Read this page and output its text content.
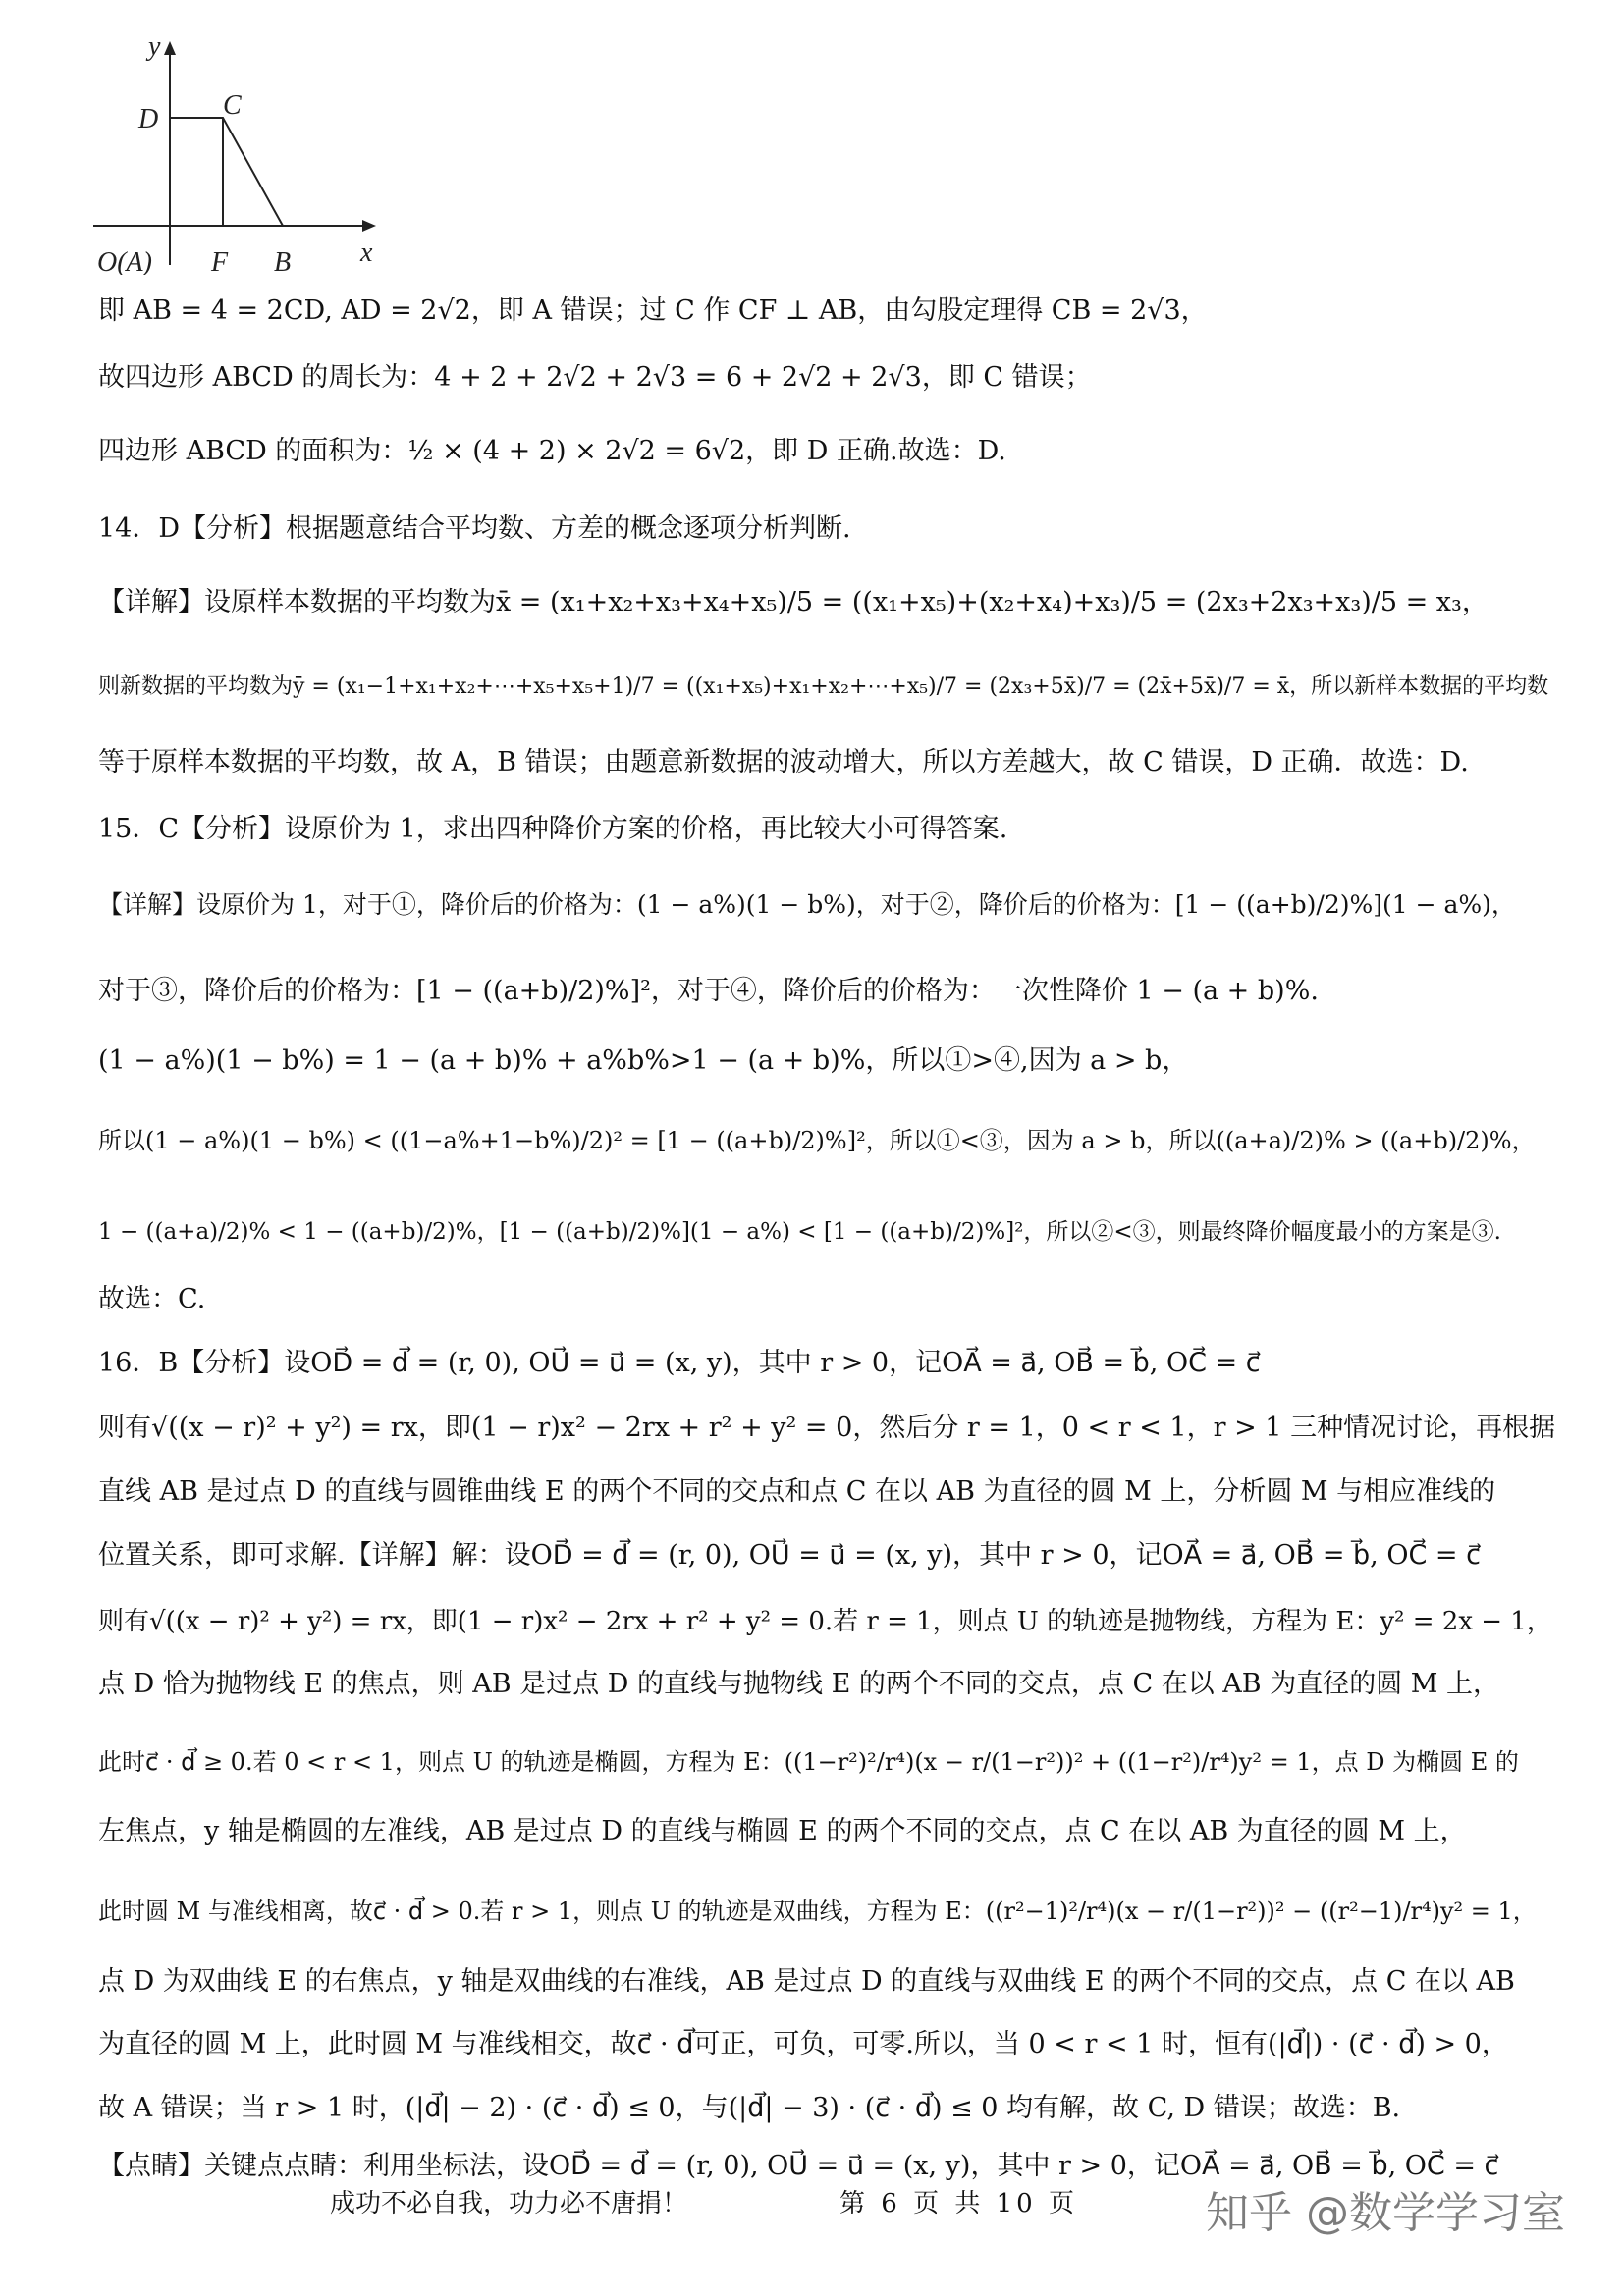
y
x
D C
O(A) F B
即 AB = 4 = 2CD, AD = 2√2，即 A 错误；过 C 作 CF ⊥ AB，由勾股定理得 CB = 2√3，
故四边形 ABCD 的周长为：4 + 2 + 2√2 + 2√3 = 6 + 2√2 + 2√3，即 C 错误；
四边形 ABCD 的面积为：½ × (4 + 2) × 2√2 = 6√2，即 D 正确.故选：D.
14．D【分析】根据题意结合平均数、方差的概念逐项分析判断.
【详解】设原样本数据的平均数为x̄ = (x₁+x₂+x₃+x₄+x₅)/5 = ((x₁+x₅)+(x₂+x₄)+x₃)/5 = (2x₃+2x₃+x₃)/5 = x₃，
则新数据的平均数为ȳ = (x₁−1+x₁+x₂+⋯+x₅+x₅+1)/7 = ((x₁+x₅)+x₁+x₂+⋯+x₅)/7 = (2x₃+5x̄)/7 = (2x̄+5x̄)/7 = x̄，所以新样本数据的平均数
等于原样本数据的平均数，故 A，B 错误；由题意新数据的波动增大，所以方差越大，故 C 错误，D 正确．故选：D.
15．C【分析】设原价为 1，求出四种降价方案的价格，再比较大小可得答案.
【详解】设原价为 1，对于①，降价后的价格为：(1 − a%)(1 − b%)，对于②，降价后的价格为：[1 − ((a+b)/2)%](1 − a%)，
对于③，降价后的价格为：[1 − ((a+b)/2)%]²，对于④，降价后的价格为：一次性降价 1 − (a + b)%.
(1 − a%)(1 − b%) = 1 − (a + b)% + a%b%>1 − (a + b)%，所以①>④,因为 a > b，
所以(1 − a%)(1 − b%) < ((1−a%+1−b%)/2)² = [1 − ((a+b)/2)%]²，所以①<③，因为 a > b，所以((a+a)/2)% > ((a+b)/2)%，
1 − ((a+a)/2)% < 1 − ((a+b)/2)%，[1 − ((a+b)/2)%](1 − a%) < [1 − ((a+b)/2)%]²，所以②<③，则最终降价幅度最小的方案是③.
故选：C.
16．B【分析】设OD⃗ = d⃗ = (r, 0), OU⃗ = u⃗ = (x, y)，其中 r > 0，记OA⃗ = a⃗, OB⃗ = b⃗, OC⃗ = c⃗
则有√((x − r)² + y²) = rx，即(1 − r)x² − 2rx + r² + y² = 0，然后分 r = 1，0 < r < 1，r > 1 三种情况讨论，再根据
直线 AB 是过点 D 的直线与圆锥曲线 E 的两个不同的交点和点 C 在以 AB 为直径的圆 M 上，分析圆 M 与相应准线的
位置关系，即可求解.【详解】解：设OD⃗ = d⃗ = (r, 0), OU⃗ = u⃗ = (x, y)，其中 r > 0，记OA⃗ = a⃗, OB⃗ = b⃗, OC⃗ = c⃗
则有√((x − r)² + y²) = rx，即(1 − r)x² − 2rx + r² + y² = 0.若 r = 1，则点 U 的轨迹是抛物线，方程为 E：y² = 2x − 1，
点 D 恰为抛物线 E 的焦点，则 AB 是过点 D 的直线与抛物线 E 的两个不同的交点，点 C 在以 AB 为直径的圆 M 上，
此时c⃗ · d⃗ ≥ 0.若 0 < r < 1，则点 U 的轨迹是椭圆，方程为 E：((1−r²)²/r⁴)(x − r/(1−r²))² + ((1−r²)/r⁴)y² = 1，点 D 为椭圆 E 的
左焦点，y 轴是椭圆的左准线，AB 是过点 D 的直线与椭圆 E 的两个不同的交点，点 C 在以 AB 为直径的圆 M 上，
此时圆 M 与准线相离，故c⃗ · d⃗ > 0.若 r > 1，则点 U 的轨迹是双曲线，方程为 E：((r²−1)²/r⁴)(x − r/(1−r²))² − ((r²−1)/r⁴)y² = 1，
点 D 为双曲线 E 的右焦点，y 轴是双曲线的右准线，AB 是过点 D 的直线与双曲线 E 的两个不同的交点，点 C 在以 AB
为直径的圆 M 上，此时圆 M 与准线相交，故c⃗ · d⃗可正，可负，可零.所以，当 0 < r < 1 时，恒有(|d⃗|) · (c⃗ · d⃗) > 0，
故 A 错误；当 r > 1 时，(|d⃗| − 2) · (c⃗ · d⃗) ≤ 0，与(|d⃗| − 3) · (c⃗ · d⃗) ≤ 0 均有解，故 C, D 错误；故选：B.
【点睛】关键点点睛：利用坐标法，设OD⃗ = d⃗ = (r, 0), OU⃗ = u⃗ = (x, y)，其中 r > 0，记OA⃗ = a⃗, OB⃗ = b⃗, OC⃗ = c⃗
成功不必自我，功力必不唐捐！	第 6 页 共 10 页	知乎 @数学学习室
